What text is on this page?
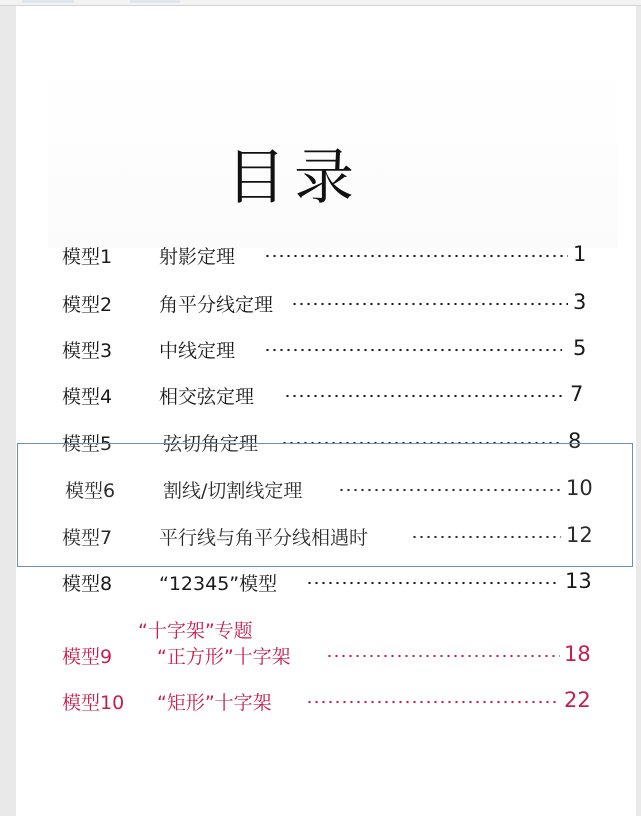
目录
模型1 射影定理	1
模型2 角平分线定理	3
模型3 中线定理	5
模型4 相交弦定理	7
模型5	弦切角定理	8
模型6	割线/切割线定理	10
模型7 平行线与角平分线相遇时	12
模型8 “12345”模型	13
“十字架”专题
模型9 “正方形”十字架	18
模型10 “矩形”十字架	22
